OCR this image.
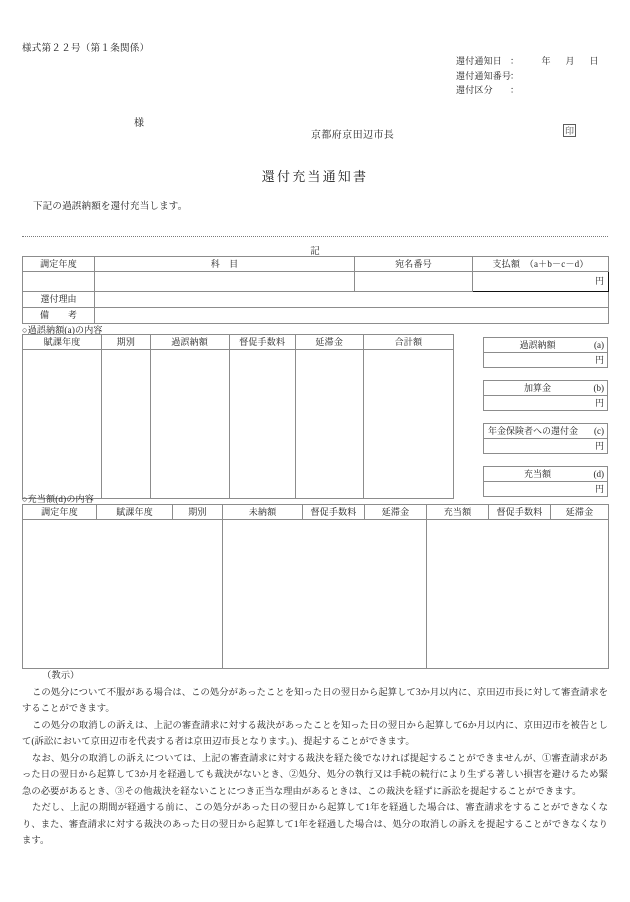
様式第２２号（第１条関係）
還付通知日 ：	年 月 日
還付通知番号
：
還付区分	：
様
京都府京田辺市長	印
還付充当通知書
下記の過誤納額を還付充当します。
記
調定年度	科　目	宛名番号	支払額　（a＋b－c－d）
			円
還付理由			
備　考			
○過誤納額(a)の内容
賦課年度	期別	過誤納額	督促手数料	延滞金	合計額
						過誤納額	(a)

円
加算金	(b)

円
年金保険者への還付金	(c)

円
充当額	(d)

円
○充当額(d)の内容
調定年度	賦課年度	期別	未納額	督促手数料	延滞金	充当額	督促手数料	延滞金

（教示）

この処分について不服がある場合は、この処分があったことを知った日の翌日から起算して3か月以内に、京田辺市長に対して審査請求をすることができます。

この処分の取消しの訴えは、上記の審査請求に対する裁決があったことを知った日の翌日から起算して6か月以内に、京田辺市を被告として(訴訟において京田辺市を代表する者は京田辺市長となります。)、提起することができます。

なお、処分の取消しの訴えについては、上記の審査請求に対する裁決を経た後でなければ提起することができませんが、①審査請求があった日の翌日から起算して3か月を経過しても裁決がないとき、②処分、処分の執行又は手続の続行により生ずる著しい損害を避けるため緊急の必要があるとき、③その他裁決を経ないことにつき正当な理由があるときは、この裁決を経ずに訴訟を提起することができます。

ただし、上記の期間が経過する前に、この処分があった日の翌日から起算して1年を経過した場合は、審査請求をすることができなくなり、また、審査請求に対する裁決のあった日の翌日から起算して1年を経過した場合は、処分の取消しの訴えを提起することができなくなります。
